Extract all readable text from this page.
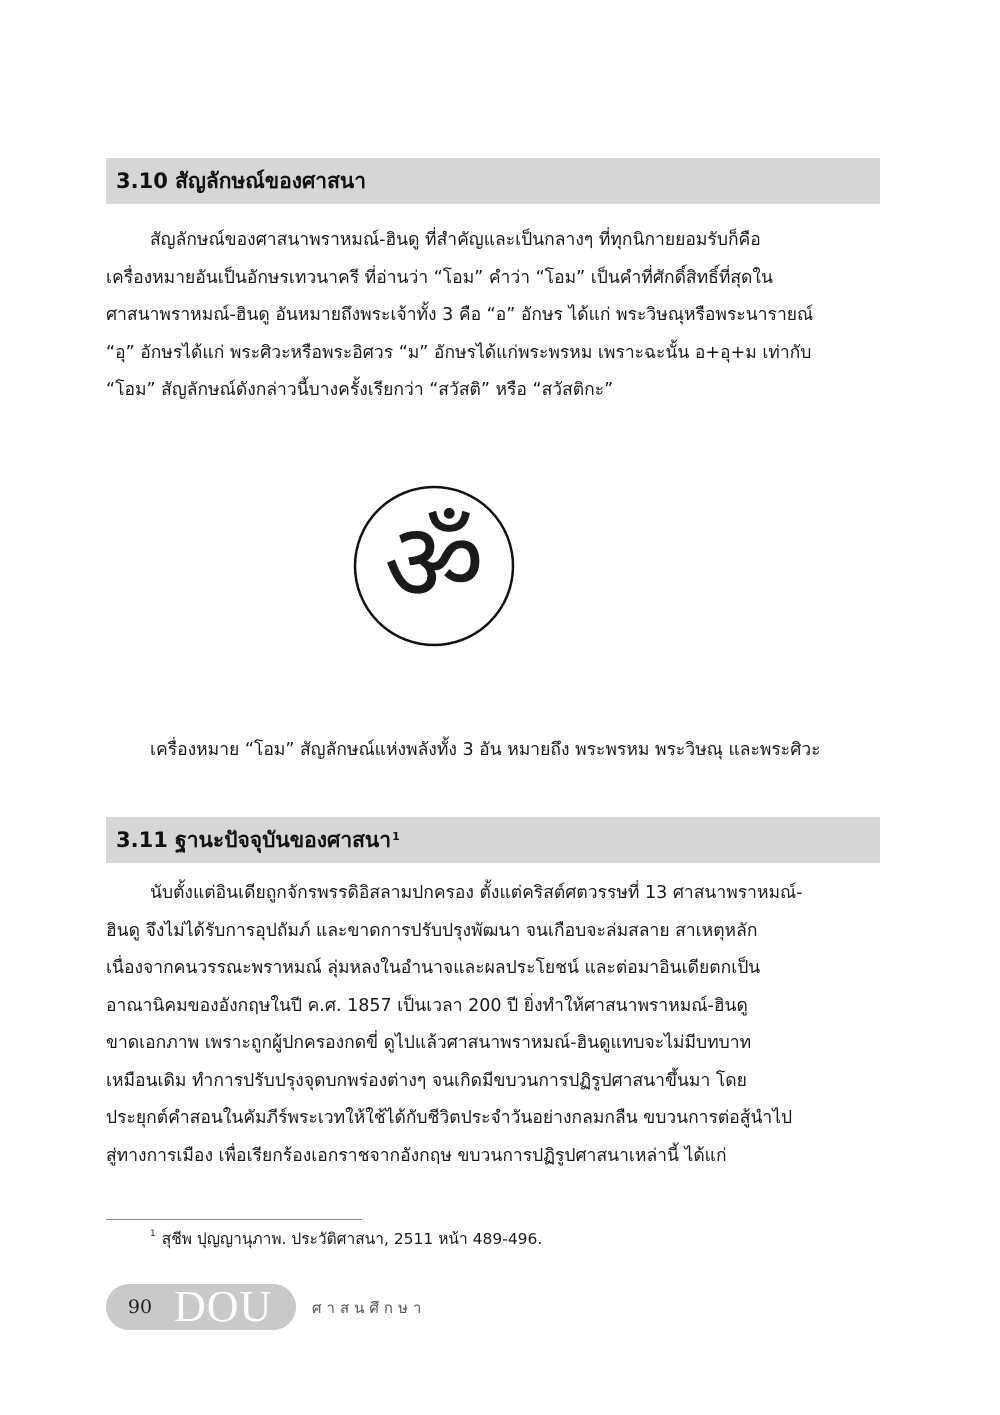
3.10 สัญลักษณ์ของศาสนา
สัญลักษณ์ของศาสนาพราหมณ์-ฮินดู ที่สำคัญและเป็นกลางๆ ที่ทุกนิกายยอมรับก็คือ
เครื่องหมายอันเป็นอักษรเทวนาครี ที่อ่านว่า “โอม” คำว่า “โอม” เป็นคำที่ศักดิ์สิทธิ์ที่สุดใน
ศาสนาพราหมณ์-ฮินดู อันหมายถึงพระเจ้าทั้ง 3 คือ “อ” อักษร ได้แก่ พระวิษณุหรือพระนารายณ์
“อุ” อักษรได้แก่ พระศิวะหรือพระอิศวร “ม” อักษรได้แก่พระพรหม เพราะฉะนั้น อ+อุ+ม เท่ากับ
“โอม” สัญลักษณ์ดังกล่าวนี้บางครั้งเรียกว่า “สวัสติ” หรือ “สวัสติกะ”
ॐ
เครื่องหมาย “โอม” สัญลักษณ์แห่งพลังทั้ง 3 อัน หมายถึง พระพรหม พระวิษณุ และพระศิวะ
3.11 ฐานะปัจจุบันของศาสนา$^1$
นับตั้งแต่อินเดียถูกจักรพรรดิอิสลามปกครอง ตั้งแต่คริสต์ศตวรรษที่ 13 ศาสนาพราหมณ์-
ฮินดู จึงไม่ได้รับการอุปถัมภ์ และขาดการปรับปรุงพัฒนา จนเกือบจะล่มสลาย สาเหตุหลัก
เนื่องจากคนวรรณะพราหมณ์ ลุ่มหลงในอำนาจและผลประโยชน์ และต่อมาอินเดียตกเป็น
อาณานิคมของอังกฤษในปี ค.ศ. 1857 เป็นเวลา 200 ปี ยิ่งทำให้ศาสนาพราหมณ์-ฮินดู
ขาดเอกภาพ เพราะถูกผู้ปกครองกดขี่ ดูไปแล้วศาสนาพราหมณ์-ฮินดูแทบจะไม่มีบทบาท
เหมือนเดิม ทำการปรับปรุงจุดบกพร่องต่างๆ จนเกิดมีขบวนการปฏิรูปศาสนาขึ้นมา โดย
ประยุกต์คำสอนในคัมภีร์พระเวทให้ใช้ได้กับชีวิตประจำวันอย่างกลมกลืน ขบวนการต่อสู้นำไป
สู่ทางการเมือง เพื่อเรียกร้องเอกราชจากอังกฤษ ขบวนการปฏิรูปศาสนาเหล่านี้ ได้แก่
$^1$ สุชีพ ปุญญานุภาพ. ประวัติศาสนา, 2511 หน้า 489-496.
90 DOU	ศาสนศึกษา
